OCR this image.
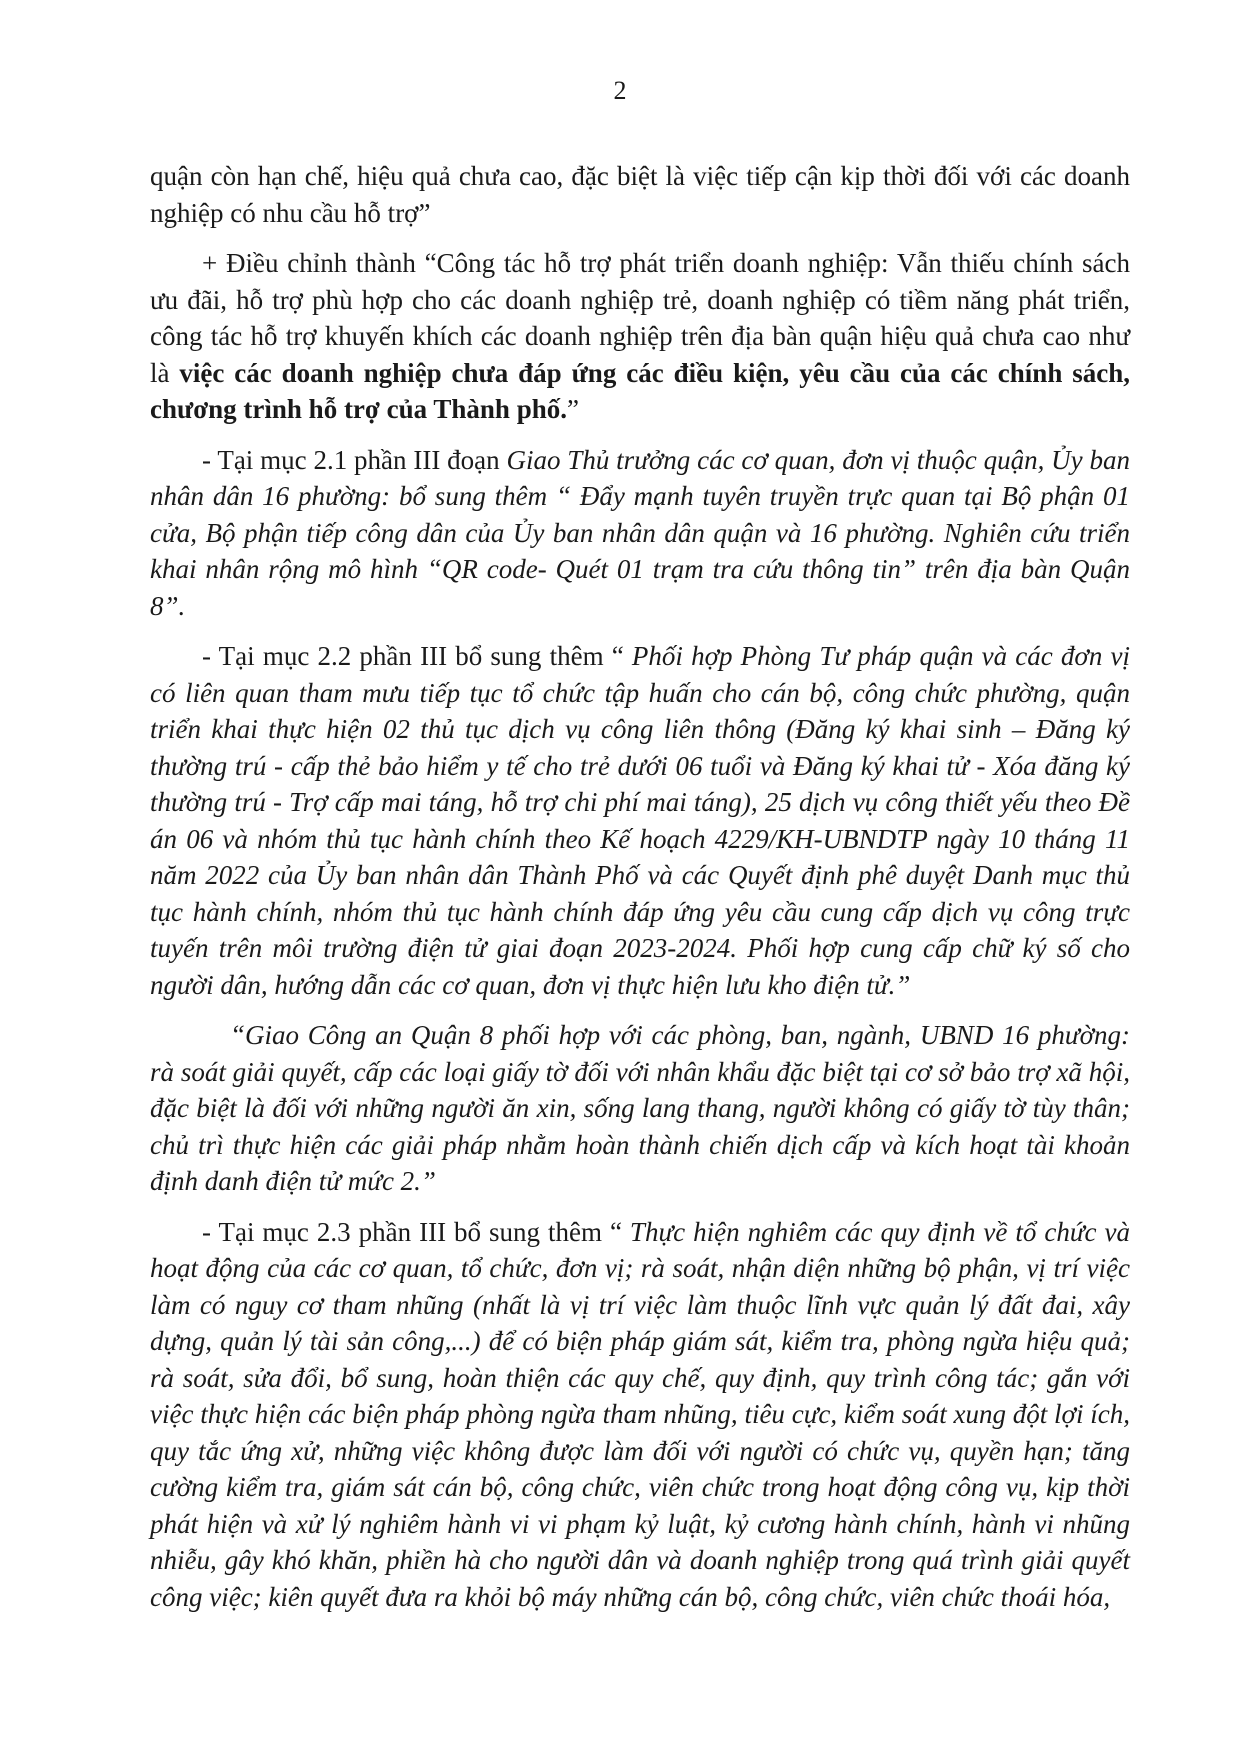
2

quận còn hạn chế, hiệu quả chưa cao, đặc biệt là việc tiếp cận kịp thời đối với các doanh nghiệp có nhu cầu hỗ trợ”

+ Điều chỉnh thành “Công tác hỗ trợ phát triển doanh nghiệp: Vẫn thiếu chính sách ưu đãi, hỗ trợ phù hợp cho các doanh nghiệp trẻ, doanh nghiệp có tiềm năng phát triển, công tác hỗ trợ khuyến khích các doanh nghiệp trên địa bàn quận hiệu quả chưa cao như là việc các doanh nghiệp chưa đáp ứng các điều kiện, yêu cầu của các chính sách, chương trình hỗ trợ của Thành phố.”

- Tại mục 2.1 phần III đoạn Giao Thủ trưởng các cơ quan, đơn vị thuộc quận, Ủy ban nhân dân 16 phường: bổ sung thêm “ Đẩy mạnh tuyên truyền trực quan tại Bộ phận 01 cửa, Bộ phận tiếp công dân của Ủy ban nhân dân quận và 16 phường. Nghiên cứu triển khai nhân rộng mô hình “QR code- Quét 01 trạm tra cứu thông tin” trên địa bàn Quận 8”.

- Tại mục 2.2 phần III bổ sung thêm “ Phối hợp Phòng Tư pháp quận và các đơn vị có liên quan tham mưu tiếp tục tổ chức tập huấn cho cán bộ, công chức phường, quận triển khai thực hiện 02 thủ tục dịch vụ công liên thông (Đăng ký khai sinh – Đăng ký thường trú - cấp thẻ bảo hiểm y tế cho trẻ dưới 06 tuổi và Đăng ký khai tử - Xóa đăng ký thường trú - Trợ cấp mai táng, hỗ trợ chi phí mai táng), 25 dịch vụ công thiết yếu theo Đề án 06 và nhóm thủ tục hành chính theo Kế hoạch 4229/KH-UBNDTP ngày 10 tháng 11 năm 2022 của Ủy ban nhân dân Thành Phố và các Quyết định phê duyệt Danh mục thủ tục hành chính, nhóm thủ tục hành chính đáp ứng yêu cầu cung cấp dịch vụ công trực tuyến trên môi trường điện tử giai đoạn 2023-2024. Phối hợp cung cấp chữ ký số cho người dân, hướng dẫn các cơ quan, đơn vị thực hiện lưu kho điện tử.”

“Giao Công an Quận 8 phối hợp với các phòng, ban, ngành, UBND 16 phường: rà soát giải quyết, cấp các loại giấy tờ đối với nhân khẩu đặc biệt tại cơ sở bảo trợ xã hội, đặc biệt là đối với những người ăn xin, sống lang thang, người không có giấy tờ tùy thân; chủ trì thực hiện các giải pháp nhằm hoàn thành chiến dịch cấp và kích hoạt tài khoản định danh điện tử mức 2.”

- Tại mục 2.3 phần III bổ sung thêm “ Thực hiện nghiêm các quy định về tổ chức và hoạt động của các cơ quan, tổ chức, đơn vị; rà soát, nhận diện những bộ phận, vị trí việc làm có nguy cơ tham nhũng (nhất là vị trí việc làm thuộc lĩnh vực quản lý đất đai, xây dựng, quản lý tài sản công,...) để có biện pháp giám sát, kiểm tra, phòng ngừa hiệu quả; rà soát, sửa đổi, bổ sung, hoàn thiện các quy chế, quy định, quy trình công tác; gắn với việc thực hiện các biện pháp phòng ngừa tham nhũng, tiêu cực, kiểm soát xung đột lợi ích, quy tắc ứng xử, những việc không được làm đối với người có chức vụ, quyền hạn; tăng cường kiểm tra, giám sát cán bộ, công chức, viên chức trong hoạt động công vụ, kịp thời phát hiện và xử lý nghiêm hành vi vi phạm kỷ luật, kỷ cương hành chính, hành vi nhũng nhiễu, gây khó khăn, phiền hà cho người dân và doanh nghiệp trong quá trình giải quyết công việc; kiên quyết đưa ra khỏi bộ máy những cán bộ, công chức, viên chức thoái hóa,
